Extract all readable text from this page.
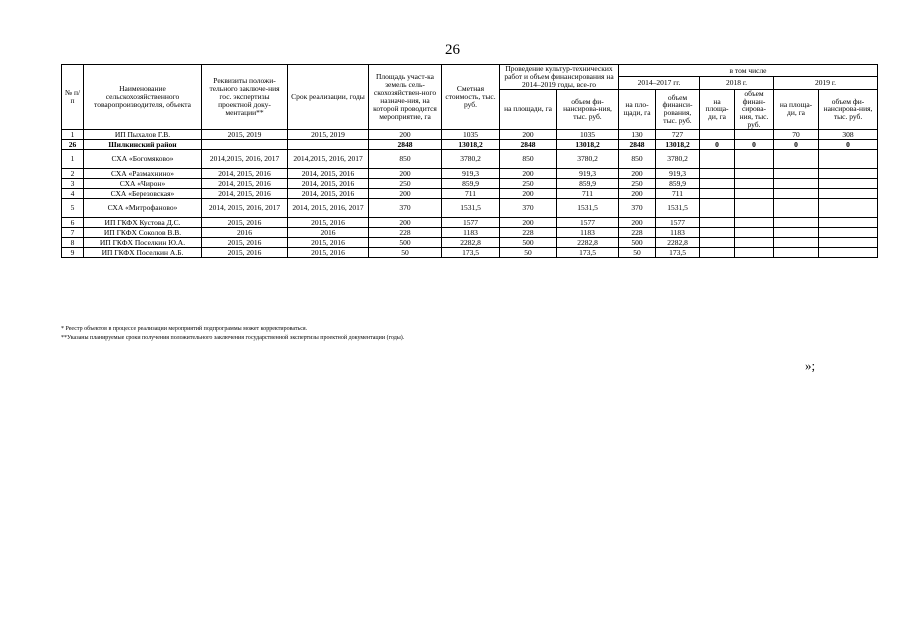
26
№ п/п	Наименование сельскохозяйственного товаропроизводителя, объекта	Реквизиты положи-тельного заключе-ния гос. экспертизы проектной доку-ментации**	Срок реализации, годы	Площадь участ-ка земель сель-скохозяйствен-ного назначе-ния, на которой проводится мероприятие, га	Сметная стоимость, тыс. руб.	Проведение культур-технических работ и объем финансирования на 2014–2019 годы, все-го		в том числе					
								2014–2017 гг.		2018 г.		2019 г.	
						на площади, га	объем фи-нансирова-ния, тыс. руб.	на пло-щади, га	объем финанси-рования, тыс. руб.	на площа-ди, га	объем финан-сирова-ния, тыс. руб.	на площа-ди, га	объем фи-нансирова-ния, тыс. руб.
1	ИП Пыхалов Г.В.	2015, 2019	2015, 2019	200	1035	200	1035	130	727			70	308
26	Шилкинский район			2848	13018,2	2848	13018,2	2848	13018,2	0	0	0	0
1	СХА «Богомяково»	2014,2015, 2016, 2017	2014,2015, 2016, 2017	850	3780,2	850	3780,2	850	3780,2				
2	СХА «Размахнино»	2014, 2015, 2016	2014, 2015, 2016	200	919,3	200	919,3	200	919,3				
3	СХА «Чирон»	2014, 2015, 2016	2014, 2015, 2016	250	859,9	250	859,9	250	859,9				
4	СХА «Березовская»	2014, 2015, 2016	2014, 2015, 2016	200	711	200	711	200	711				
5	СХА «Митрофаново»	2014, 2015, 2016, 2017	2014, 2015, 2016, 2017	370	1531,5	370	1531,5	370	1531,5				
6	ИП ГКФХ Кустова Д.С.	2015, 2016	2015, 2016	200	1577	200	1577	200	1577				
7	ИП ГКФХ Соколов В.В.	2016	2016	228	1183	228	1183	228	1183				
8	ИП ГКФХ Поселкин Ю.А.	2015, 2016	2015, 2016	500	2282,8	500	2282,8	500	2282,8				
9	ИП ГКФХ Поселкин А.Б.	2015, 2016	2015, 2016	50	173,5	50	173,5	50	173,5				
* Реестр объектов в процессе реализации мероприятий подпрограммы может корректироваться.
**Указаны планируемые сроки получения положительного заключения государственной экспертизы проектной документации (годы).
»;
